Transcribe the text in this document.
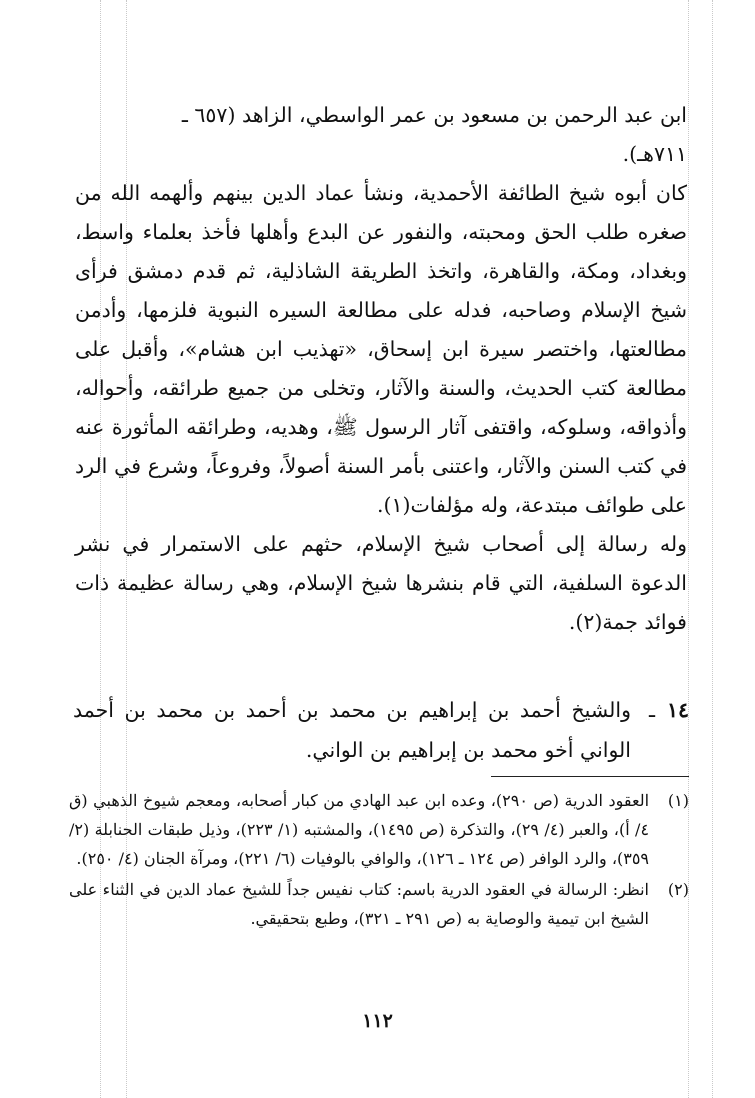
ابن عبد الرحمن بن مسعود بن عمر الواسطي، الزاهد (٦٥٧ ـ

٧١١هـ).

كان أبوه شيخ الطائفة الأحمدية، ونشأ عماد الدين بينهم وألهمه الله من صغره طلب الحق ومحبته، والنفور عن البدع وأهلها فأخذ بعلماء واسط، وبغداد، ومكة، والقاهرة، واتخذ الطريقة الشاذلية، ثم قدم دمشق فرأى شيخ الإسلام وصاحبه، فدله على مطالعة السيره النبوية فلزمها، وأدمن مطالعتها، واختصر سيرة ابن إسحاق، «تهذيب ابن هشام»، وأقبل على مطالعة كتب الحديث، والسنة والآثار، وتخلى من جميع طرائقه، وأحواله، وأذواقه، وسلوكه، واقتفى آثار الرسول ﷺ، وهديه، وطرائقه المأثورة عنه في كتب السنن والآثار، واعتنى بأمر السنة أصولاً، وفروعاً، وشرع في الرد على طوائف مبتدعة، وله مؤلفات(١).

وله رسالة إلى أصحاب شيخ الإسلام، حثهم على الاستمرار في نشر الدعوة السلفية، التي قام بنشرها شيخ الإسلام، وهي رسالة عظيمة ذات فوائد جمة(٢).

١٤
ـ
والشيخ أحمد بن إبراهيم بن محمد بن أحمد بن محمد بن أحمد الواني أخو محمد بن إبراهيم بن الواني.
(١)
العقود الدرية (ص ٢٩٠)، وعده ابن عبد الهادي من كبار أصحابه، ومعجم شيوخ الذهبي (ق ٤/ أ)، والعبر (٤/ ٢٩)، والتذكرة (ص ١٤٩٥)، والمشتبه (١/ ٢٢٣)، وذيل طبقات الحنابلة (٢/ ٣٥٩)، والرد الوافر (ص ١٢٤ ـ ١٢٦)، والوافي بالوفيات (٦/ ٢٢١)، ومرآة الجنان (٤/ ٢٥٠).
(٢)
انظر: الرسالة في العقود الدرية باسم: كتاب نفيس جداً للشيخ عماد الدين في الثناء على الشيخ ابن تيمية والوصاية به (ص ٢٩١ ـ ٣٢١)، وطبع بتحقيقي.
١١٢
